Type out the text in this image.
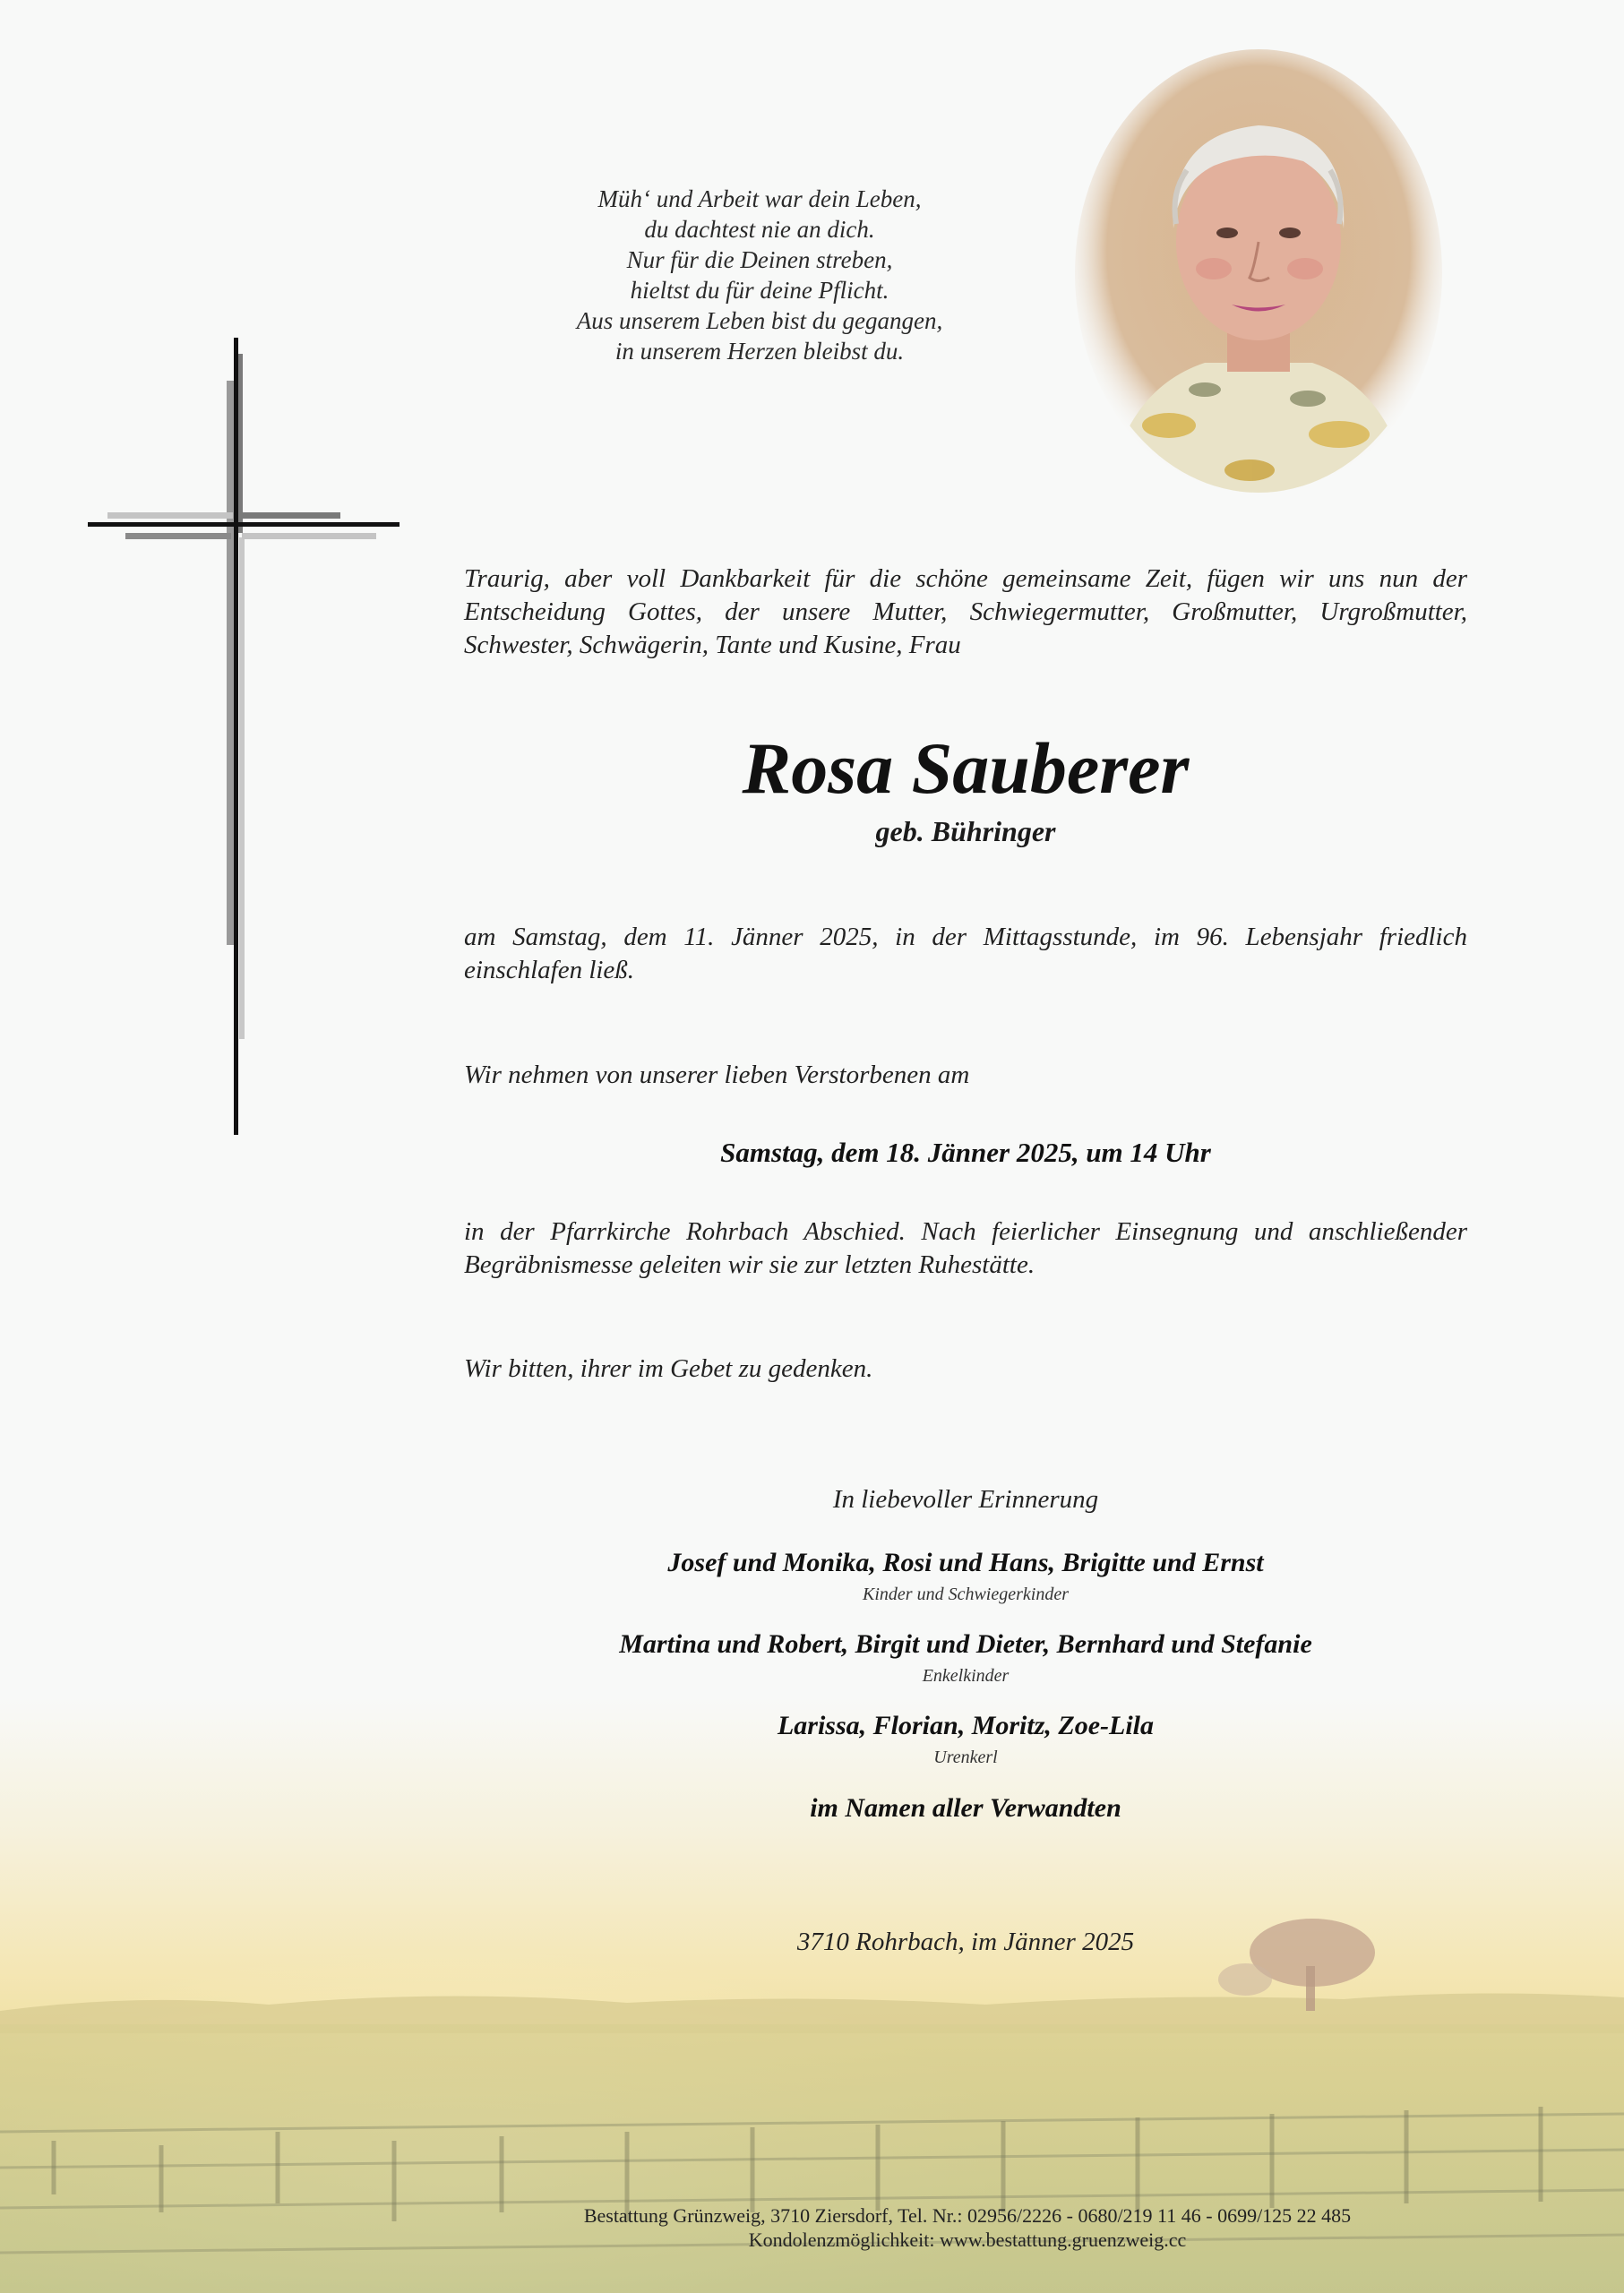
Müh‘ und Arbeit war dein Leben,
du dachtest nie an dich.
Nur für die Deinen streben,
hieltst du für deine Pflicht.
Aus unserem Leben bist du gegangen,
in unserem Herzen bleibst du.
Traurig, aber voll Dankbarkeit für die schöne gemeinsame Zeit, fügen wir uns nun der Entscheidung Gottes, der unsere Mutter, Schwiegermutter, Großmutter, Urgroßmutter, Schwester, Schwägerin, Tante und Kusine, Frau
Rosa Sauberer
geb. Bühringer
am Samstag, dem 11. Jänner 2025, in der Mittagsstunde, im 96. Lebensjahr friedlich einschlafen ließ.
Wir nehmen von unserer lieben Verstorbenen am
Samstag, dem 18. Jänner 2025, um 14 Uhr
in der Pfarrkirche Rohrbach Abschied. Nach feierlicher Einsegnung und anschließender Begräbnismesse geleiten wir sie zur letzten Ruhestätte.
Wir bitten, ihrer im Gebet zu gedenken.
In liebevoller Erinnerung
Josef und Monika, Rosi und Hans, Brigitte und Ernst
Kinder und Schwiegerkinder
Martina und Robert, Birgit und Dieter, Bernhard und Stefanie
Enkelkinder
Larissa, Florian, Moritz, Zoe-Lila
Urenkerl
im Namen aller Verwandten
3710 Rohrbach, im Jänner 2025
Bestattung Grünzweig, 3710 Ziersdorf, Tel. Nr.: 02956/2226 - 0680/219 11 46 - 0699/125 22 485
Kondolenzmöglichkeit: www.bestattung.gruenzweig.cc
